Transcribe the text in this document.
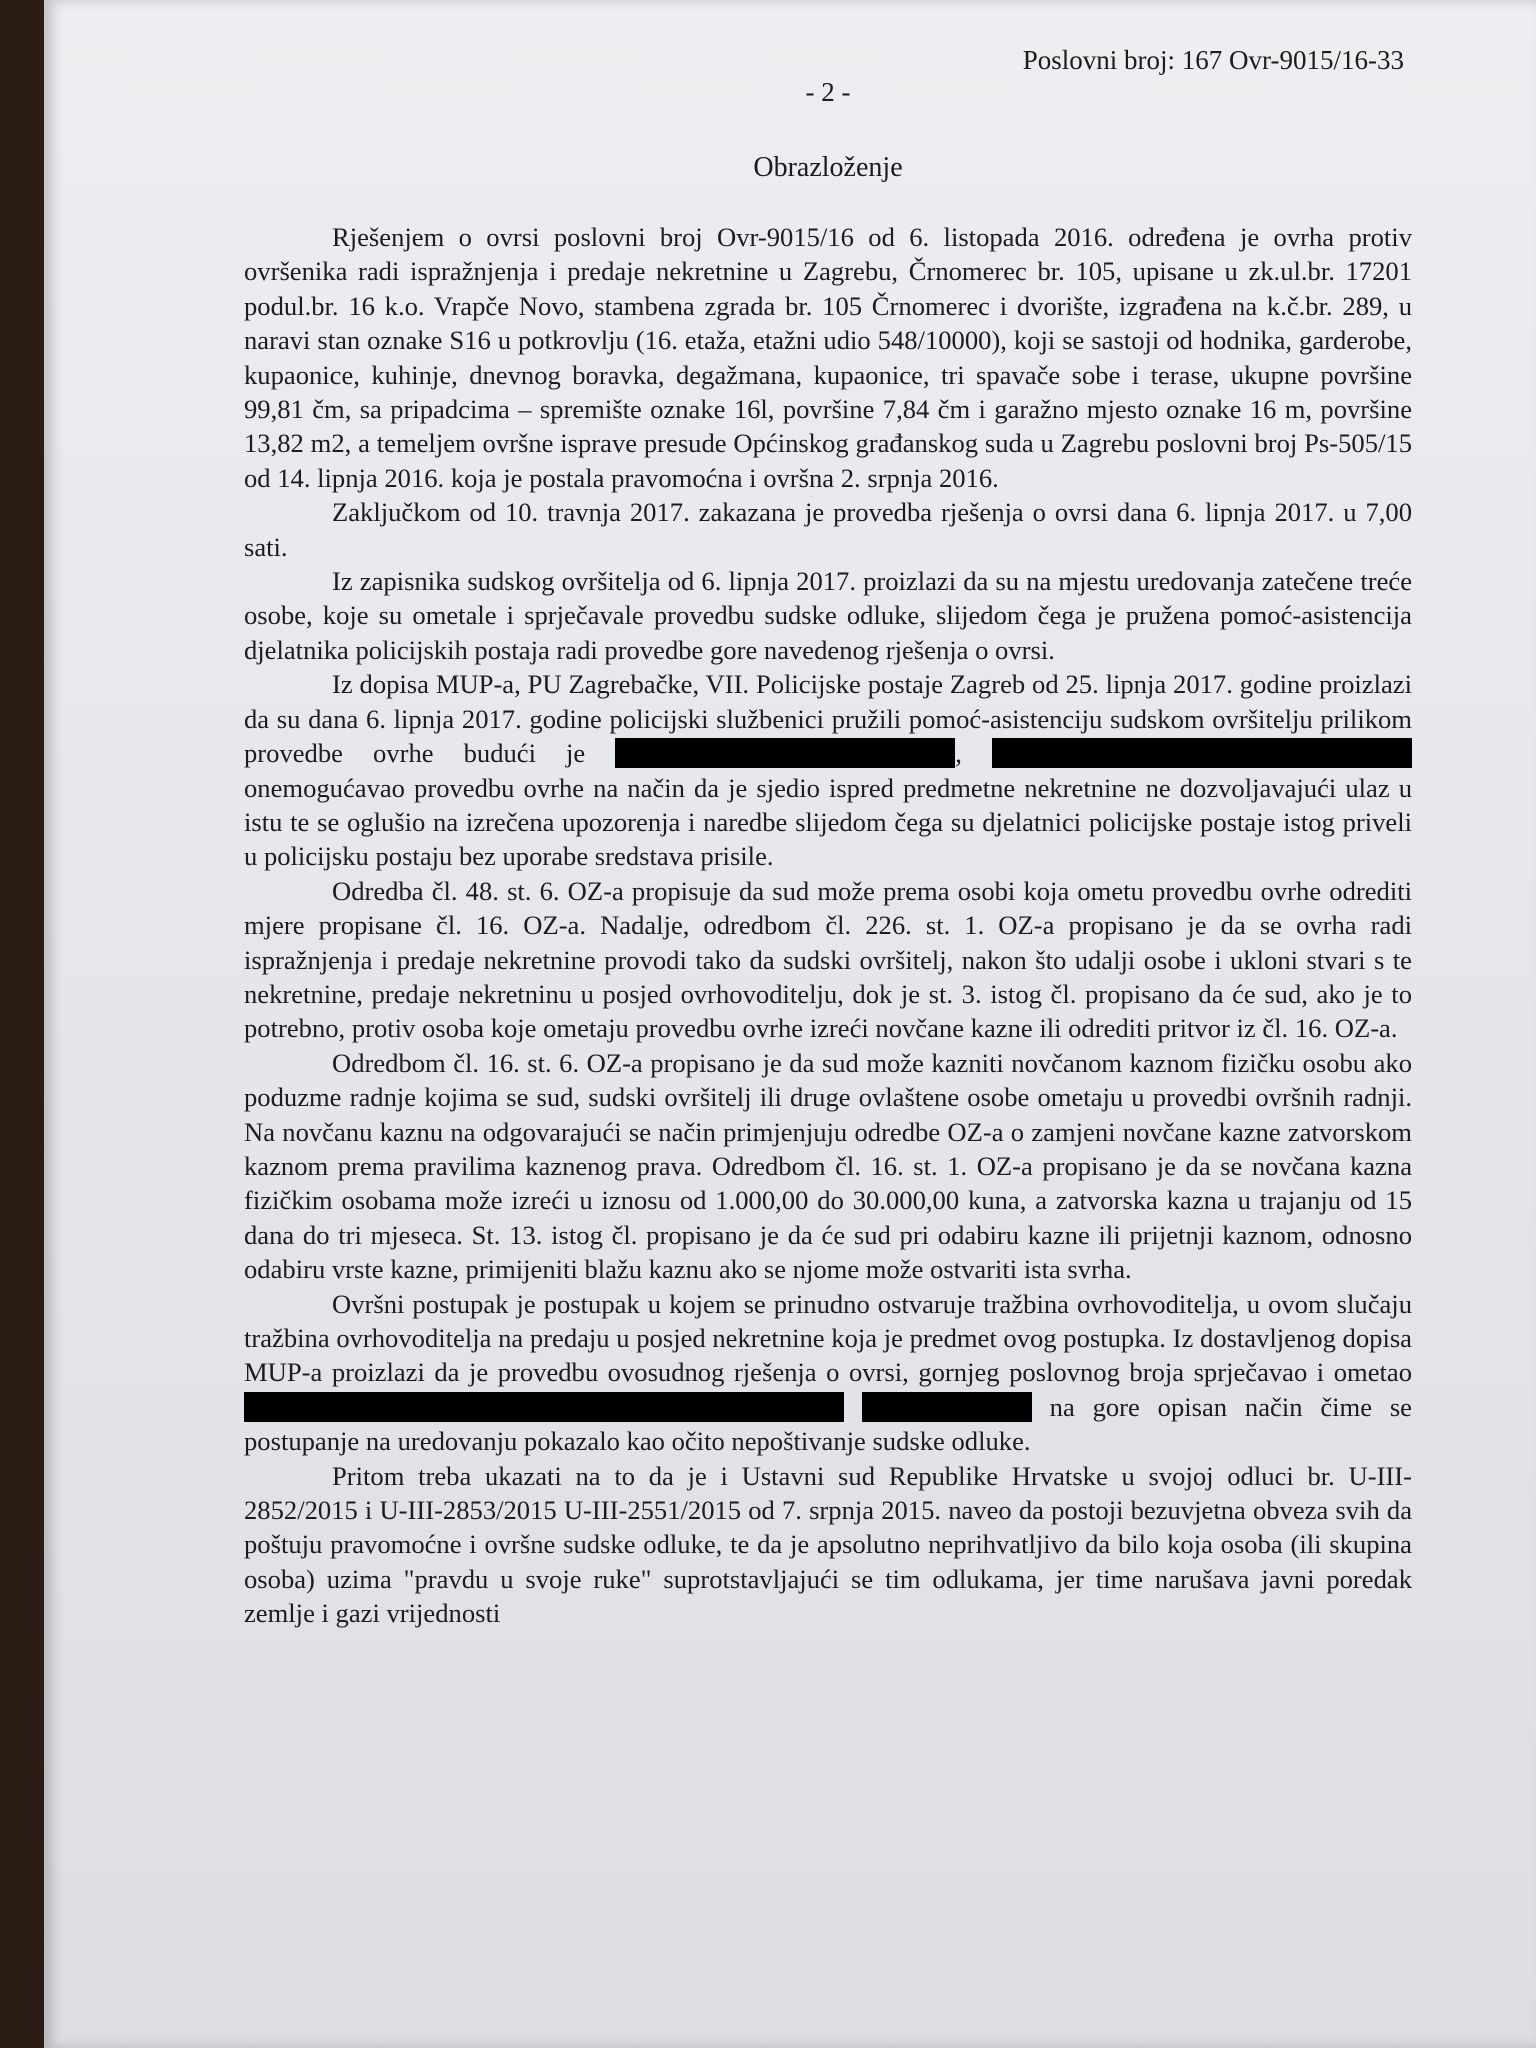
Poslovni broj: 167 Ovr-9015/16-33
- 2 -
Obrazloženje

Rješenjem o ovrsi poslovni broj Ovr-9015/16 od 6. listopada 2016. određena je ovrha protiv ovršenika radi ispražnjenja i predaje nekretnine u Zagrebu, Črnomerec br. 105, upisane u zk.ul.br. 17201 podul.br. 16 k.o. Vrapče Novo, stambena zgrada br. 105 Črnomerec i dvorište, izgrađena na k.č.br. 289, u naravi stan oznake S16 u potkrovlju (16. etaža, etažni udio 548/10000), koji se sastoji od hodnika, garderobe, kupaonice, kuhinje, dnevnog boravka, degažmana, kupaonice, tri spavače sobe i terase, ukupne površine 99,81 čm, sa pripadcima – spremište oznake 16l, površine 7,84 čm i garažno mjesto oznake 16 m, površine 13,82 m2, a temeljem ovršne isprave presude Općinskog građanskog suda u Zagrebu poslovni broj Ps-505/15 od 14. lipnja 2016. koja je postala pravomoćna i ovršna 2. srpnja 2016.

Zaključkom od 10. travnja 2017. zakazana je provedba rješenja o ovrsi dana 6. lipnja 2017. u 7,00 sati.

Iz zapisnika sudskog ovršitelja od 6. lipnja 2017. proizlazi da su na mjestu uredovanja zatečene treće osobe, koje su ometale i sprječavale provedbu sudske odluke, slijedom čega je pružena pomoć-asistencija djelatnika policijskih postaja radi provedbe gore navedenog rješenja o ovrsi.

Iz dopisa MUP-a, PU Zagrebačke, VII. Policijske postaje Zagreb od 25. lipnja 2017. godine proizlazi da su dana 6. lipnja 2017. godine policijski službenici pružili pomoć-asistenciju sudskom ovršitelju prilikom provedbe ovrhe budući je	,  onemogućavao provedbu ovrhe na način da je sjedio ispred predmetne nekretnine ne dozvoljavajući ulaz u istu te se oglušio na izrečena upozorenja i naredbe slijedom čega su djelatnici policijske postaje istog priveli u policijsku postaju bez uporabe sredstava prisile.

Odredba čl. 48. st. 6. OZ-a propisuje da sud može prema osobi koja ometu provedbu ovrhe odrediti mjere propisane čl. 16. OZ-a. Nadalje, odredbom čl. 226. st. 1. OZ-a propisano je da se ovrha radi ispražnjenja i predaje nekretnine provodi tako da sudski ovršitelj, nakon što udalji osobe i ukloni stvari s te nekretnine, predaje nekretninu u posjed ovrhovoditelju, dok je st. 3. istog čl. propisano da će sud, ako je to potrebno, protiv osoba koje ometaju provedbu ovrhe izreći novčane kazne ili odrediti pritvor iz čl. 16. OZ-a.

Odredbom čl. 16. st. 6. OZ-a propisano je da sud može kazniti novčanom kaznom fizičku osobu ako poduzme radnje kojima se sud, sudski ovršitelj ili druge ovlaštene osobe ometaju u provedbi ovršnih radnji. Na novčanu kaznu na odgovarajući se način primjenjuju odredbe OZ-a o zamjeni novčane kazne zatvorskom kaznom prema pravilima kaznenog prava. Odredbom čl. 16. st. 1. OZ-a propisano je da se novčana kazna fizičkim osobama može izreći u iznosu od 1.000,00 do 30.000,00 kuna, a zatvorska kazna u trajanju od 15 dana do tri mjeseca. St. 13. istog čl. propisano je da će sud pri odabiru kazne ili prijetnji kaznom, odnosno odabiru vrste kazne, primijeniti blažu kaznu ako se njome može ostvariti ista svrha.

Ovršni postupak je postupak u kojem se prinudno ostvaruje tražbina ovrhovoditelja, u ovom slučaju tražbina ovrhovoditelja na predaju u posjed nekretnine koja je predmet ovog postupka. Iz dostavljenog dopisa MUP-a proizlazi da je provedbu ovosudnog rješenja o ovrsi, gornjeg poslovnog broja sprječavao i ometao   na gore opisan način čime se postupanje na uredovanju pokazalo kao očito nepoštivanje sudske odluke.

Pritom treba ukazati na to da je i Ustavni sud Republike Hrvatske u svojoj odluci br. U-III-2852/2015 i U-III-2853/2015 U-III-2551/2015 od 7. srpnja 2015. naveo da postoji bezuvjetna obveza svih da poštuju pravomoćne i ovršne sudske odluke, te da je apsolutno neprihvatljivo da bilo koja osoba (ili skupina osoba) uzima "pravdu u svoje ruke" suprotstavljajući se tim odlukama, jer time narušava javni poredak zemlje i gazi vrijednosti
